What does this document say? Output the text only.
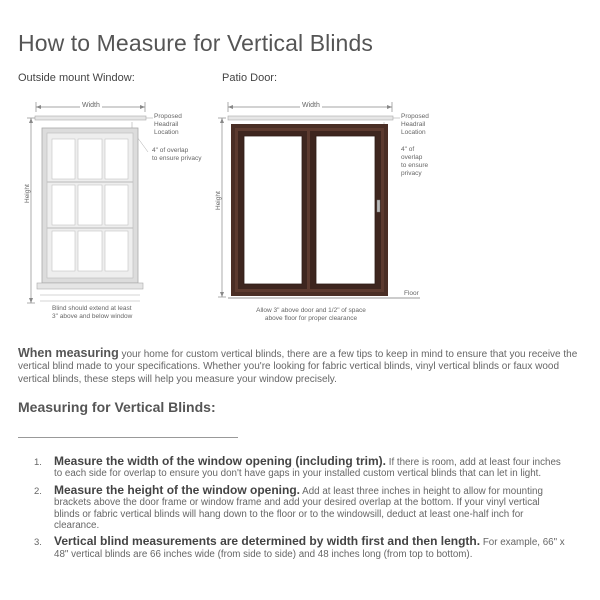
How to Measure for Vertical Blinds
Outside mount Window:
Width
Height
Proposed
Headrail
Location
4" of overlap
to ensure privacy
Blind should extend at least
3" above and below window
Patio Door:
Width
Height
Proposed
Headrail
Location
4" of
overlap
to ensure
privacy
Floor
Allow 3" above door and 1/2" of space
above floor for proper clearance

When measuring your home for custom vertical blinds, there are a few tips to keep in mind to ensure that you receive the vertical blind made to your specifications. Whether you're looking for fabric vertical blinds, vinyl vertical blinds or faux wood vertical blinds, these steps will help you measure your window precisely.

Measuring for Vertical Blinds:
1. Measure the width of the window opening (including trim). If there is room, add at least four inches to each side for overlap to ensure you don't have gaps in your installed custom vertical blinds that can let in light.
2. Measure the height of the window opening. Add at least three inches in height to allow for mounting brackets above the door frame or window frame and add your desired overlap at the bottom. If your vinyl vertical blinds or fabric vertical blinds will hang down to the floor or to the windowsill, deduct at least one-half inch for clearance.
3. Vertical blind measurements are determined by width first and then length. For example, 66" x 48" vertical blinds are 66 inches wide (from side to side) and 48 inches long (from top to bottom).
